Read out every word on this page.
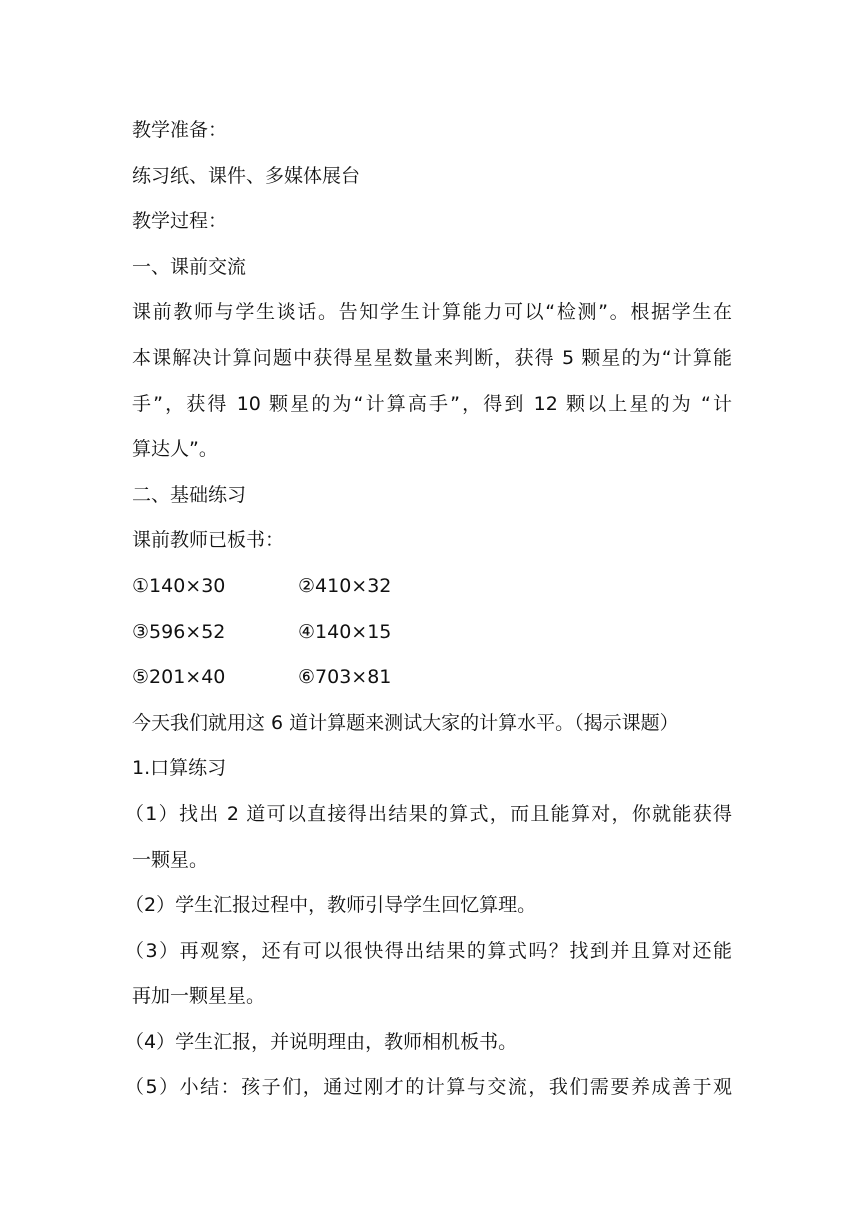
教学准备：
练习纸、课件、多媒体展台
教学过程：
一、课前交流
课前教师与学生谈话。告知学生计算能力可以“检测”。根据学生在
本课解决计算问题中获得星星数量来判断，获得 5 颗星的为“计算能
手”，获得 10 颗星的为“计算高手”，得到 12 颗以上星的为 “计
算达人”。
二、基础练习
课前教师已板书：
①140×30	②410×32
③596×52	④140×15
⑤201×40	⑥703×81
今天我们就用这 6 道计算题来测试大家的计算水平。（揭示课题）
1.口算练习
（1）找出 2 道可以直接得出结果的算式，而且能算对，你就能获得
一颗星。
（2）学生汇报过程中，教师引导学生回忆算理。
（3）再观察，还有可以很快得出结果的算式吗？找到并且算对还能
再加一颗星星。
（4）学生汇报，并说明理由，教师相机板书。
（5）小结：孩子们，通过刚才的计算与交流，我们需要养成善于观
